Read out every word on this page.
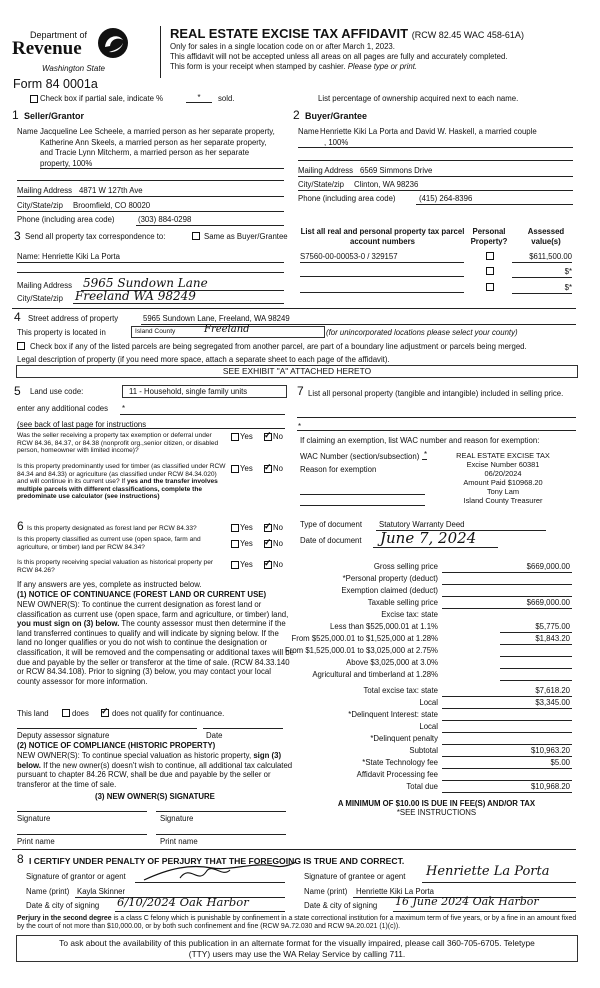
Department of
Revenue
Washington State
Form 84 0001a
REAL ESTATE EXCISE TAX AFFIDAVIT (RCW 82.45 WAC 458-61A)
Only for sales in a single location code on or after March 1, 2023.
This affidavit will not be accepted unless all areas on all pages are fully and accurately completed.
This form is your receipt when stamped by cashier. Please type or print.
Check box if partial sale, indicate %	*	sold.	List percentage of ownership acquired next to each name.
1 Seller/Grantor
Name Jacqueline Lee Scheele, a married person as her separate property, Katherine Ann Skeels, a married person as her separate property, and Tracie Lynn Mitcherm, a married person as her separate property, 100%
Mailing Address 4871 W 127th Ave
City/State/zip Broomfield, CO 80020
Phone (including area code)	(303) 884-0298
2 Buyer/Grantee
Name Henriette Kiki La Porta and David W. Haskell, a married couple
, 100%
Mailing Address 6569 Simmons Drive
City/State/zip Clinton, WA 98236
Phone (including area code)	(415) 264-8396
3 Send all property tax correspondence to:	Same as Buyer/Grantee
Name: Henriette Kiki La Porta
Mailing Address 5965 Sundown Lane
City/State/zip Freeland WA 98249
List all real and personal property tax parcel account numbers
Personal Property?
Assessed value(s)
S7560-00-00053-0 / 329157	$611,500.00
$*
$*
4 Street address of property	5965 Sundown Lane, Freeland, WA 98249
This property is located in	Island County	Freeland	(for unincorporated locations please select your county)
Check box if any of the listed parcels are being segregated from another parcel, are part of a boundary line adjustment or parcels being merged.
Legal description of property (if you need more space, attach a separate sheet to each page of the affidavit).
SEE EXHIBIT "A" ATTACHED HERETO
5 Land use code:	11 - Household, single family units
enter any additional codes *
(see back of last page for instructions
Was the seller receiving a property tax exemption or deferral under RCW 84.36, 84.37, or 84.38 (nonprofit org.,senior citizen, or disabled person, homeowner with limited income)?
Yes ✓	No
Is this property predominantly used for timber (as classified under RCW 84.34 and 84.33) or agriculture (as classified under RCW 84.34.020) and will continue in its current use? If yes and the transfer involves multiple parcels with different classifications, complete the predominate use calculator (see instructions)
Yes ✓	No
6 Is this property designated as forest land per RCW 84.33?	Yes ✓	No
Is this property classified as current use (open space, farm and agriculture, or timber) land per RCW 84.34?	Yes ✓	No
Is this property receiving special valuation as historical property per RCW 84.26?
Yes ✓	No
If any answers are yes, complete as instructed below.
(1) NOTICE OF CONTINUANCE (FOREST LAND OR CURRENT USE)
NEW OWNER(S): To continue the current designation as forest land or classification as current use (open space, farm and agriculture, or timber) land, you must sign on (3) below. The county assessor must then determine if the land transferred continues to qualify and will indicate by signing below. If the land no longer qualifies or you do not wish to continue the designation or classification, it will be removed and the compensating or additional taxes will be due and payable by the seller or transferor at the time of sale. (RCW 84.33.140 or RCW 84.34.108). Prior to signing (3) below, you may contact your local county assessor for more information.
This land	does ✓	does not qualify for continuance.
Deputy assessor signature	Date
(2) NOTICE OF COMPLIANCE (HISTORIC PROPERTY)
NEW OWNER(S): To continue special valuation as historic property, sign (3) below. If the new owner(s) doesn't wish to continue, all additional tax calculated pursuant to chapter 84.26 RCW, shall be due and payable by the seller or transferor at the time of sale.
(3) NEW OWNER(S) SIGNATURE
Signature	Signature
Print name	Print name
7 List all personal property (tangible and intangible) included in selling price.
*
If claiming an exemption, list WAC number and reason for exemption:
WAC Number (section/subsection) *
Reason for exemption
REAL ESTATE EXCISE TAX
Excise Number 60381
06/20/2024
Amount Paid $10968.20
Tony Lam
Island County Treasurer
Type of document Statutory Warranty Deed
Date of document June 7, 2024
Gross selling price	$669,000.00
*Personal property (deduct)
Exemption claimed (deduct)
Taxable selling price	$669,000.00
Excise tax: state
Less than $525,000.01 at 1.1%	$5,775.00
From $525,000.01 to $1,525,000 at 1.28%	$1,843.20
From $1,525,000.01 to $3,025,000 at 2.75%
Above $3,025,000 at 3.0%
Agricultural and timberland at 1.28%
Total excise tax: state	$7,618.20
Local	$3,345.00
*Delinquent Interest: state
Local
*Delinquent penalty
Subtotal	$10,963.20
*State Technology fee	$5.00
Affidavit Processing fee
Total due	$10,968.20
A MINIMUM OF $10.00 IS DUE IN FEE(S) AND/OR TAX
*SEE INSTRUCTIONS
8 I CERTIFY UNDER PENALTY OF PERJURY THAT THE FOREGOING IS TRUE AND CORRECT.
Signature of grantor or agent
Name (print) Kayla Skinner
Date & city of signing 6/10/2024 Oak Harbor
Signature of grantee or agent Henriette La Porta
Name (print) Henriette Kiki La Porta
Date & city of signing 16 June 2024 Oak Harbor
Perjury in the second degree is a class C felony which is punishable by confinement in a state correctional institution for a maximum term of five years, or by a fine in an amount fixed by the court of not more than $10,000.00, or by both such confinement and fine (RCW 9A.72.030 and RCW 9A.20.021 (1)(c)).
To ask about the availability of this publication in an alternate format for the visually impaired, please call 360-705-6705. Teletype (TTY) users may use the WA Relay Service by calling 711.
